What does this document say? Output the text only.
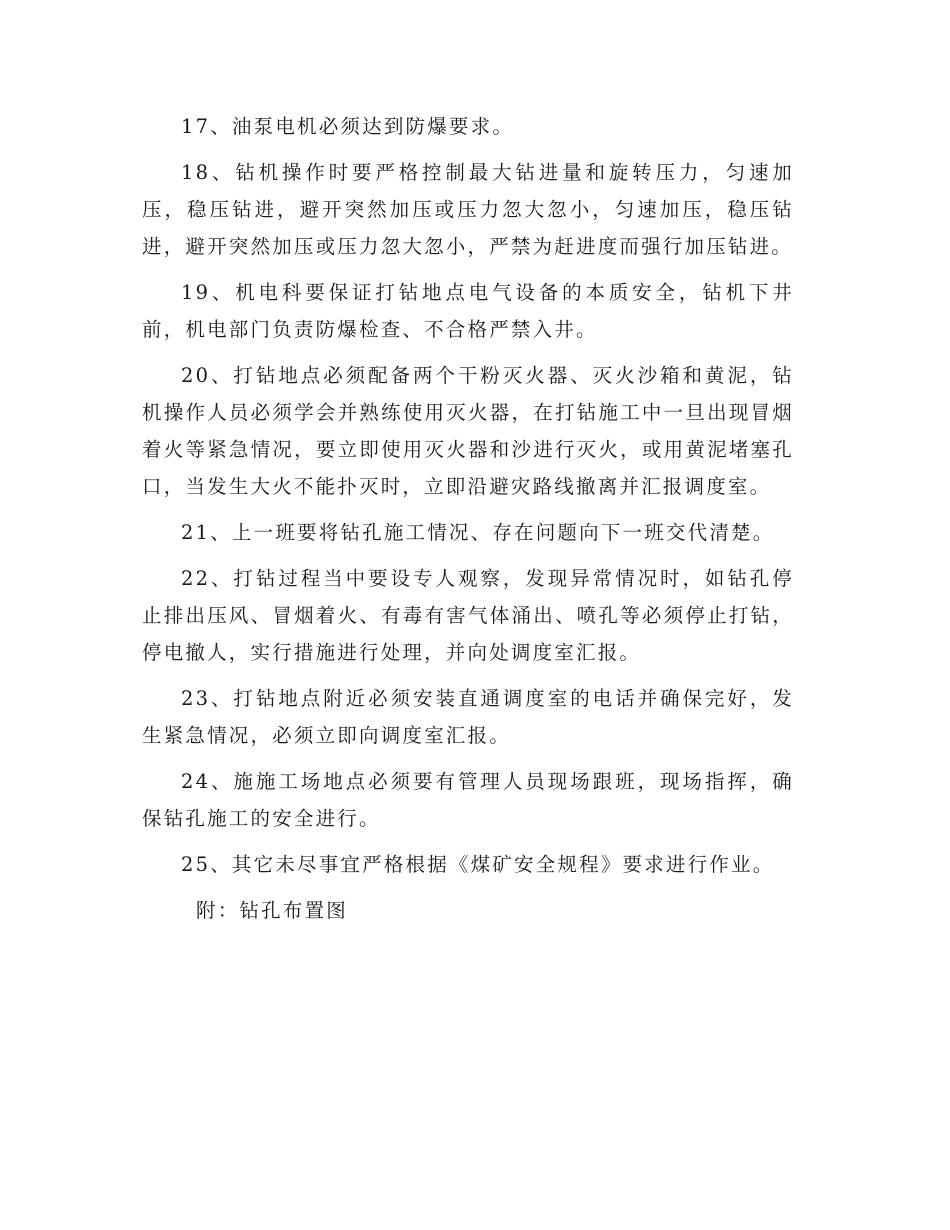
17、油泵电机必须达到防爆要求。

18、钻机操作时要严格控制最大钻进量和旋转压力，匀速加压，稳压钻进，避开突然加压或压力忽大忽小，匀速加压，稳压钻进，避开突然加压或压力忽大忽小，严禁为赶进度而强行加压钻进。

19、机电科要保证打钻地点电气设备的本质安全，钻机下井前，机电部门负责防爆检查、不合格严禁入井。

20、打钻地点必须配备两个干粉灭火器、灭火沙箱和黄泥，钻机操作人员必须学会并熟练使用灭火器，在打钻施工中一旦出现冒烟着火等紧急情况，要立即使用灭火器和沙进行灭火，或用黄泥堵塞孔口，当发生大火不能扑灭时，立即沿避灾路线撤离并汇报调度室。

21、上一班要将钻孔施工情况、存在问题向下一班交代清楚。

22、打钻过程当中要设专人观察，发现异常情况时，如钻孔停止排出压风、冒烟着火、有毒有害气体涌出、喷孔等必须停止打钻，停电撤人，实行措施进行处理，并向处调度室汇报。

23、打钻地点附近必须安装直通调度室的电话并确保完好，发生紧急情况，必须立即向调度室汇报。

24、施施工场地点必须要有管理人员现场跟班，现场指挥，确保钻孔施工的安全进行。

25、其它未尽事宜严格根据《煤矿安全规程》要求进行作业。

附：钻孔布置图
